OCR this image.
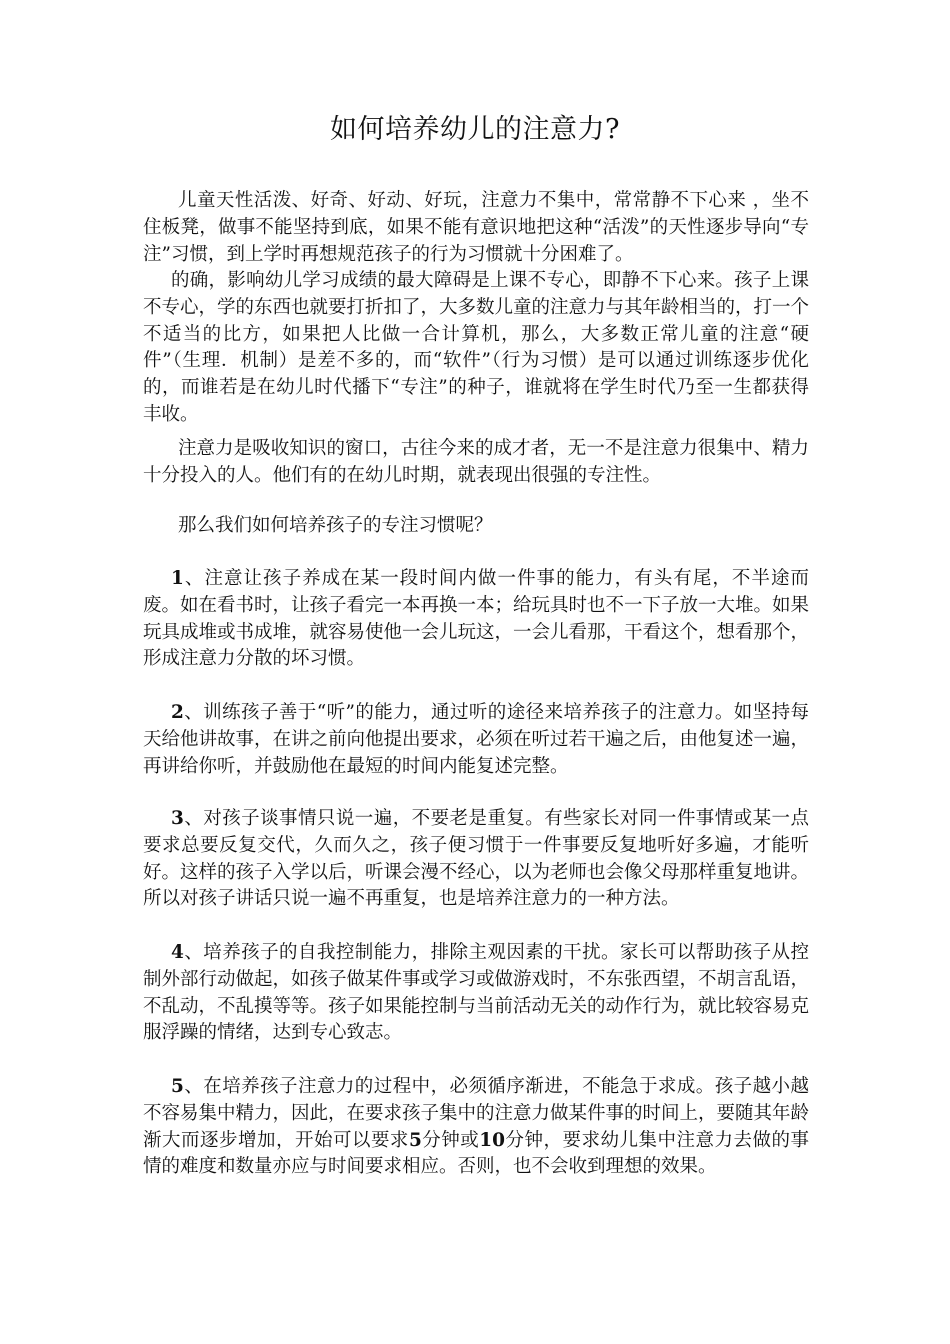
如何培养幼儿的注意力?

儿童天性活泼、好奇、好动、好玩，注意力不集中，常常静不下心来 ，坐不住板凳，做事不能坚持到底，如果不能有意识地把这种“活泼”的天性逐步导向“专注”习惯，到上学时再想规范孩子的行为习惯就十分困难了。

的确，影响幼儿学习成绩的最大障碍是上课不专心，即静不下心来。孩子上课不专心，学的东西也就要打折扣了，大多数儿童的注意力与其年龄相当的，打一个不适当的比方，如果把人比做一合计算机，那么，大多数正常儿童的注意“硬件”（生理．机制）是差不多的，而“软件”（行为习惯）是可以通过训练逐步优化的，而谁若是在幼儿时代播下“专注”的种子，谁就将在学生时代乃至一生都获得丰收。

注意力是吸收知识的窗口，古往今来的成才者，无一不是注意力很集中、精力十分投入的人。他们有的在幼儿时期，就表现出很强的专注性。

那么我们如何培养孩子的专注习惯呢？

1、注意让孩子养成在某一段时间内做一件事的能力，有头有尾，不半途而废。如在看书时，让孩子看完一本再换一本；给玩具时也不一下子放一大堆。如果玩具成堆或书成堆，就容易使他一会儿玩这，一会儿看那，干看这个，想看那个，形成注意力分散的坏习惯。

2、训练孩子善于“听”的能力，通过听的途径来培养孩子的注意力。如坚持每天给他讲故事，在讲之前向他提出要求，必须在听过若干遍之后，由他复述一遍，再讲给你听，并鼓励他在最短的时间内能复述完整。

3、对孩子谈事情只说一遍，不要老是重复。有些家长对同一件事情或某一点要求总要反复交代，久而久之，孩子便习惯于一件事要反复地听好多遍，才能听好。这样的孩子入学以后，听课会漫不经心，以为老师也会像父母那样重复地讲。所以对孩子讲话只说一遍不再重复，也是培养注意力的一种方法。

4、培养孩子的自我控制能力，排除主观因素的干扰。家长可以帮助孩子从控制外部行动做起，如孩子做某件事或学习或做游戏时，不东张西望，不胡言乱语，不乱动，不乱摸等等。孩子如果能控制与当前活动无关的动作行为，就比较容易克服浮躁的情绪，达到专心致志。

5、在培养孩子注意力的过程中，必须循序渐进，不能急于求成。孩子越小越不容易集中精力，因此，在要求孩子集中的注意力做某件事的时间上，要随其年龄渐大而逐步增加，开始可以要求5分钟或10分钟，要求幼儿集中注意力去做的事情的难度和数量亦应与时间要求相应。否则，也不会收到理想的效果。
